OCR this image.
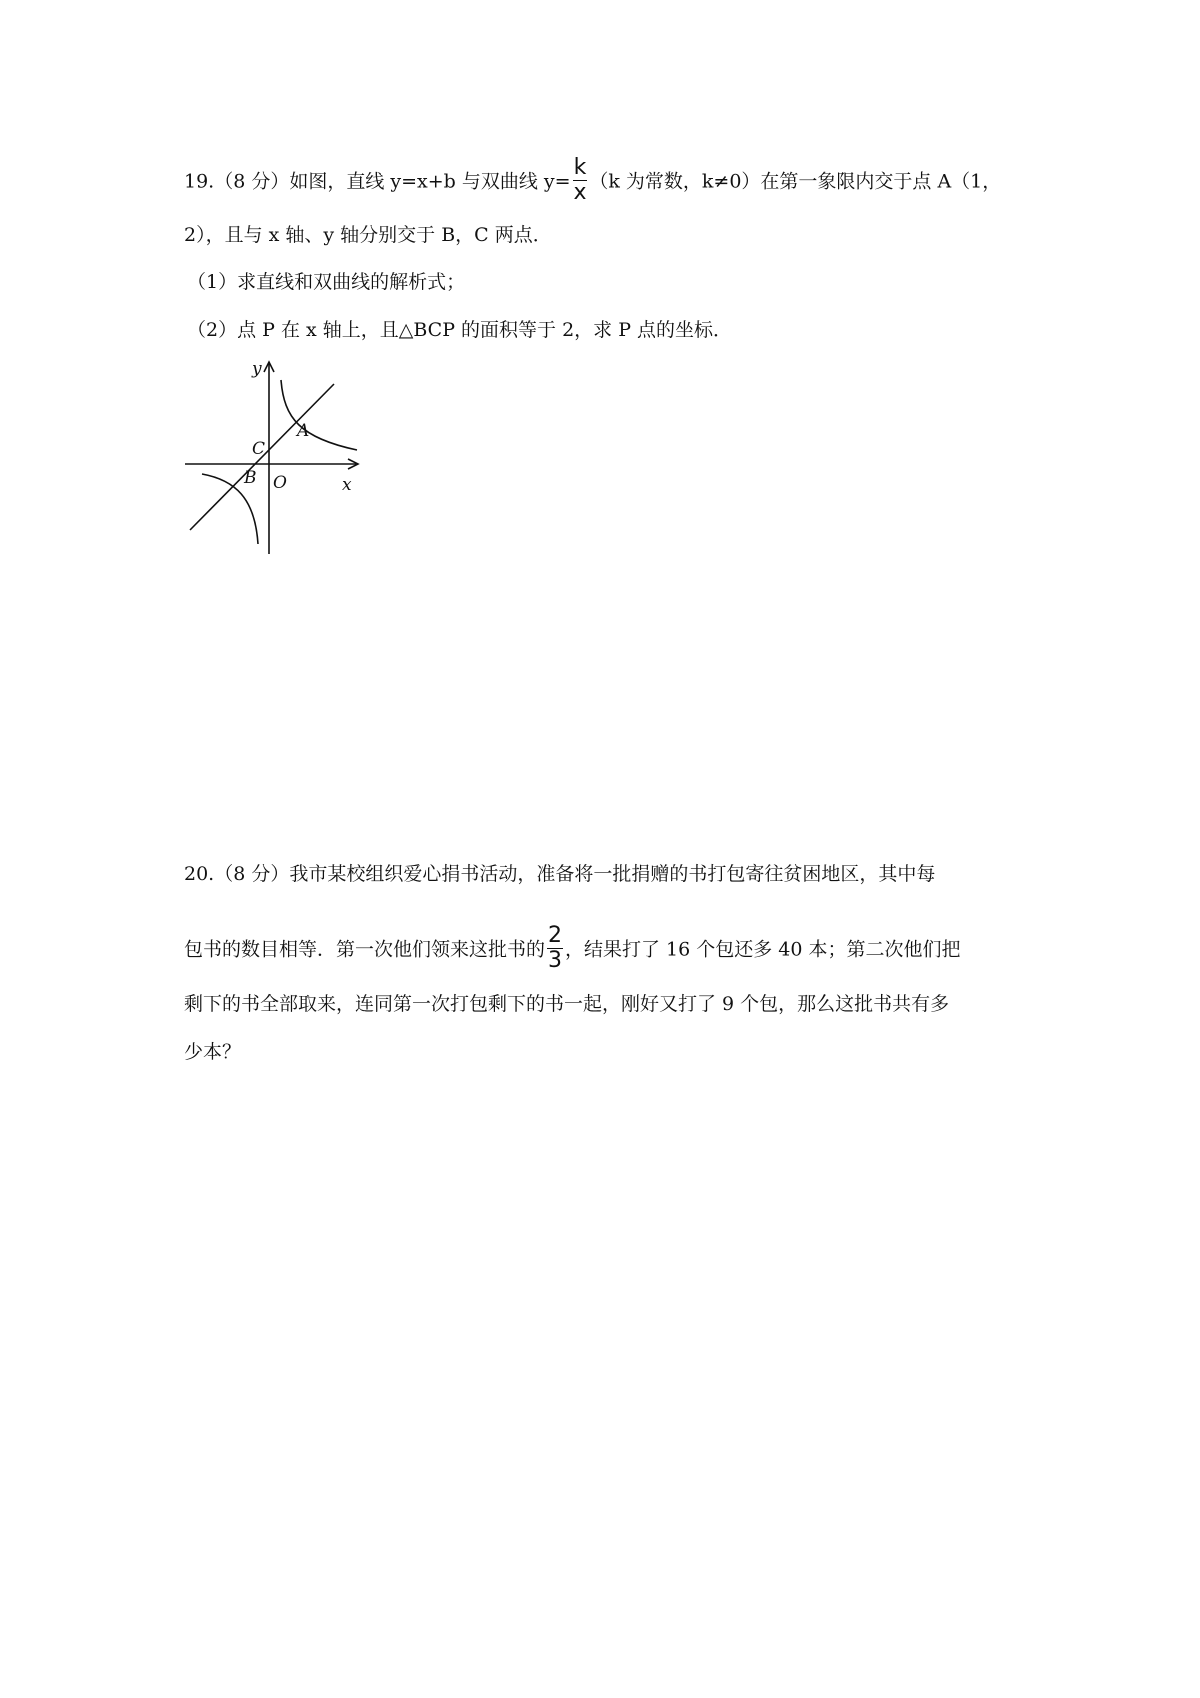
19.（8 分）如图，直线 y=x+b 与双曲线 $y= \frac{k}{x} (k$ 为常数，k≠0）在第一象限内交于点 A（1，
2），且与 x 轴、y 轴分别交于 B，C 两点．
（1）求直线和双曲线的解析式；
（2）点 P 在 x 轴上，且△BCP 的面积等于 2，求 P 点的坐标．
y
x
A
C
B O
20.（8 分）我市某校组织爱心捐书活动，准备将一批捐赠的书打包寄往贫困地区，其中每
包书的数目相等．第一次他们领来这批书的 $\frac{2}{3}$ ，结果打了 16 个包还多 40 本；第二次他们把
剩下的书全部取来，连同第一次打包剩下的书一起，刚好又打了 9 个包，那么这批书共有多
少本？
